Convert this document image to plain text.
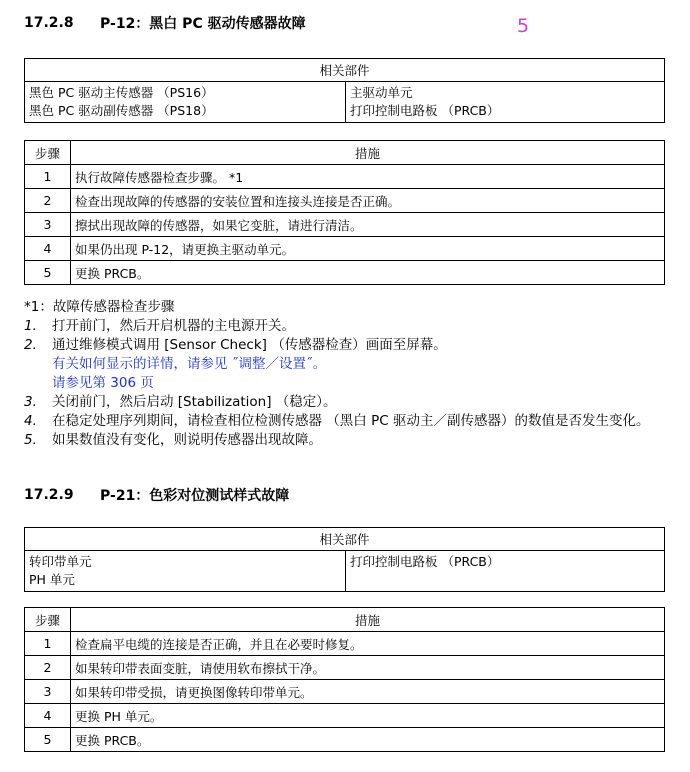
17.2.8	P-12：黑白 PC 驱动传感器故障	5
相关部件

黑色 PC 驱动主传感器 （PS16）
黑色 PC 驱动副传感器 （PS18）

主驱动单元
打印控制电路板 （PRCB）
步骤	措施
1	执行故障传感器检查步骤。 *1
2	检查出现故障的传感器的安装位置和连接头连接是否正确。
3	擦拭出现故障的传感器，如果它变脏，请进行清洁。
4	如果仍出现 P-12，请更换主驱动单元。
5	更换 PRCB。
*1：故障传感器检查步骤
1.	打开前门，然后开启机器的主电源开关。
2.	通过维修模式调用 [Sensor Check] （传感器检查）画面至屏幕。
有关如何显示的详情，请参见 ˝调整／设置˝。
请参见第 306 页
3.	关闭前门，然后启动 [Stabilization] （稳定）。
4.	在稳定处理序列期间，请检查相位检测传感器 （黑白 PC 驱动主／副传感器）的数值是否发生变化。
5.	如果数值没有变化，则说明传感器出现故障。
17.2.9	P-21：色彩对位测试样式故障
相关部件

转印带单元
PH 单元

打印控制电路板 （PRCB）
步骤	措施
1	检查扁平电缆的连接是否正确，并且在必要时修复。
2	如果转印带表面变脏，请使用软布擦拭干净。
3	如果转印带受损，请更换图像转印带单元。
4	更换 PH 单元。
5	更换 PRCB。
